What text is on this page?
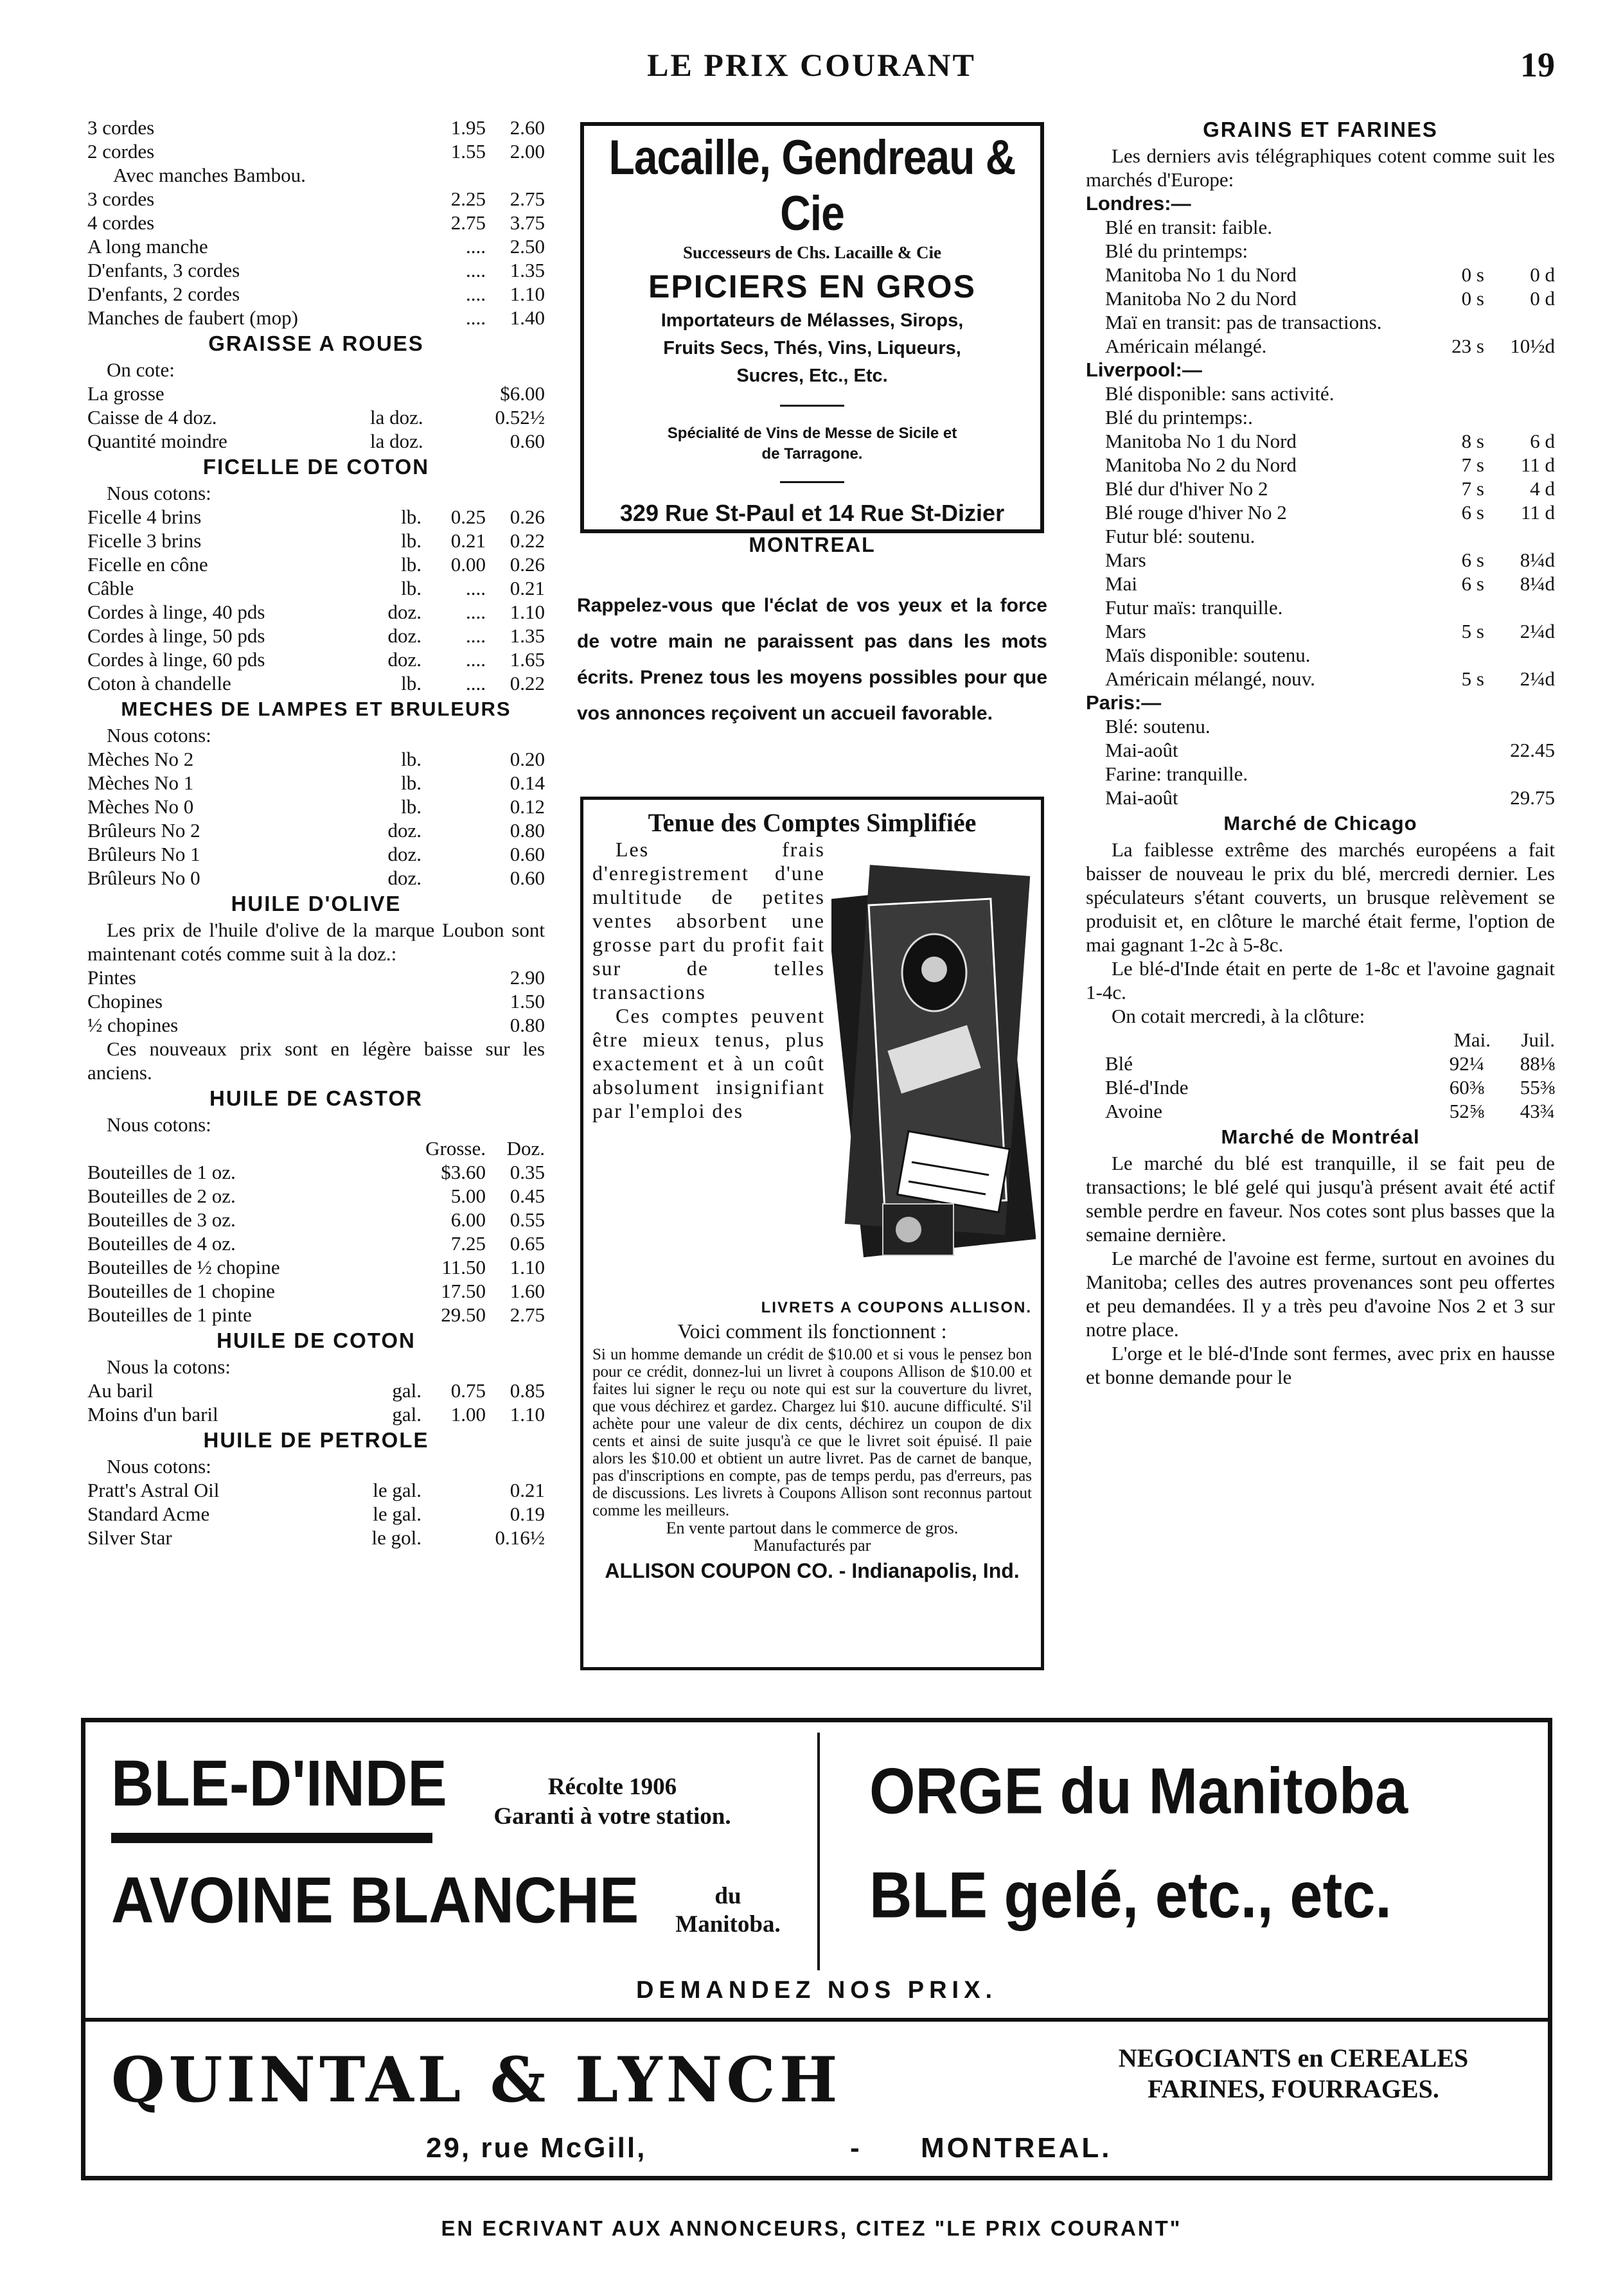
LE PRIX COURANT	19
3 cordes	1.95	2.60
2 cordes	1.55	2.00
Avec manches Bambou.
3 cordes	2.25	2.75
4 cordes	2.75	3.75
A long manche	....	2.50
D'enfants, 3 cordes	....	1.35
D'enfants, 2 cordes	....	1.10
Manches de faubert (mop)	....	1.40
GRAISSE A ROUES
On cote:
La grosse	$6.00
Caisse de 4 doz.	la doz.	0.52½
Quantité moindre	la doz.	0.60
FICELLE DE COTON
Nous cotons:
Ficelle 4 brins	lb.	0.25	0.26
Ficelle 3 brins	lb.	0.21	0.22
Ficelle en cône	lb.	0.00	0.26
Câble	lb.	....	0.21
Cordes à linge, 40 pds	doz.	....	1.10
Cordes à linge, 50 pds	doz.	....	1.35
Cordes à linge, 60 pds	doz.	....	1.65
Coton à chandelle	lb.	....	0.22
MECHES DE LAMPES ET BRULEURS
Nous cotons:
Mèches No 2	lb.	0.20
Mèches No 1	lb.	0.14
Mèches No 0	lb.	0.12
Brûleurs No 2	doz.	0.80
Brûleurs No 1	doz.	0.60
Brûleurs No 0	doz.	0.60
HUILE D'OLIVE
Les prix de l'huile d'olive de la marque Loubon sont maintenant cotés comme suit à la doz.:
Pintes	2.90
Chopines	1.50
½ chopines	0.80
Ces nouveaux prix sont en légère baisse sur les anciens.
HUILE DE CASTOR
Nous cotons:
Grosse.	Doz.
Bouteilles de 1 oz.	$3.60	0.35
Bouteilles de 2 oz.	5.00	0.45
Bouteilles de 3 oz.	6.00	0.55
Bouteilles de 4 oz.	7.25	0.65
Bouteilles de ½ chopine	11.50	1.10
Bouteilles de 1 chopine	17.50	1.60
Bouteilles de 1 pinte	29.50	2.75
HUILE DE COTON
Nous la cotons:
Au baril	gal.	0.75	0.85
Moins d'un baril	gal.	1.00	1.10
HUILE DE PETROLE
Nous cotons:
Pratt's Astral Oil	le gal.	0.21
Standard Acme	le gal.	0.19
Silver Star	le gol.	0.16½
Lacaille, Gendreau & Cie
Successeurs de Chs. Lacaille & Cie
EPICIERS EN GROS
Importateurs de Mélasses, Sirops,
Fruits Secs, Thés, Vins, Liqueurs,
Sucres, Etc., Etc.
Spécialité de Vins de Messe de Sicile et
de Tarragone.
329 Rue St-Paul et 14 Rue St-Dizier
MONTREAL
Rappelez-vous que l'éclat de vos yeux et la force de votre main ne paraissent pas dans les mots écrits. Prenez tous les moyens possibles pour que vos annonces reçoivent un accueil favorable.
Tenue des Comptes Simplifiée
Les frais d'enregistrement d'une multitude de petites ventes absorbent une grosse part du profit fait sur de telles transactions
Ces comptes peuvent être mieux tenus, plus exactement et à un coût absolument insignifiant par l'emploi des
LIVRETS A COUPONS ALLISON.
Voici comment ils fonctionnent :
Si un homme demande un crédit de $10.00 et si vous le pensez bon pour ce crédit, donnez-lui un livret à coupons Allison de $10.00 et faites lui signer le reçu ou note qui est sur la couverture du livret, que vous déchirez et gardez. Chargez lui $10. aucune difficulté. S'il achète pour une valeur de dix cents, déchirez un coupon de dix cents et ainsi de suite jusqu'à ce que le livret soit épuisé. Il paie alors les $10.00 et obtient un autre livret. Pas de carnet de banque, pas d'inscriptions en compte, pas de temps perdu, pas d'erreurs, pas de discussions. Les livrets à Coupons Allison sont reconnus partout comme les meilleurs.
En vente partout dans le commerce de gros.
Manufacturés par
ALLISON COUPON CO. - Indianapolis, Ind.
GRAINS ET FARINES
Les derniers avis télégraphiques cotent comme suit les marchés d'Europe:
Londres:—
Blé en transit: faible.
Blé du printemps:
Manitoba No 1 du Nord	0 s	0 d
Manitoba No 2 du Nord	0 s	0 d
Maï en transit: pas de transactions.
Américain mélangé.	23 s	10½d
Liverpool:—
Blé disponible: sans activité.
Blé du printemps:.
Manitoba No 1 du Nord	8 s	6 d
Manitoba No 2 du Nord	7 s	11 d
Blé dur d'hiver No 2	7 s	4 d
Blé rouge d'hiver No 2	6 s	11 d
Futur blé: soutenu.
Mars	6 s	8¼d
Mai	6 s	8¼d
Futur maïs: tranquille.
Mars	5 s	2¼d
Maïs disponible: soutenu.
Américain mélangé, nouv.	5 s	2¼d
Paris:—
Blé: soutenu.
Mai-août	22.45
Farine: tranquille.
Mai-août	29.75
Marché de Chicago
La faiblesse extrême des marchés européens a fait baisser de nouveau le prix du blé, mercredi dernier. Les spéculateurs s'étant couverts, un brusque relèvement se produisit et, en clôture le marché était ferme, l'option de mai gagnant 1-2c à 5-8c.
Le blé-d'Inde était en perte de 1-8c et l'avoine gagnait 1-4c.
On cotait mercredi, à la clôture:
Mai.	Juil.
Blé	92¼	88⅛
Blé-d'Inde	60⅜	55⅜
Avoine	52⅝	43¾
Marché de Montréal
Le marché du blé est tranquille, il se fait peu de transactions; le blé gelé qui jusqu'à présent avait été actif semble perdre en faveur. Nos cotes sont plus basses que la semaine dernière.
Le marché de l'avoine est ferme, surtout en avoines du Manitoba; celles des autres provenances sont peu offertes et peu demandées. Il y a très peu d'avoine Nos 2 et 3 sur notre place.
L'orge et le blé-d'Inde sont fermes, avec prix en hausse et bonne demande pour le
BLE-D'INDE	Récolte 1906
Garanti à votre station.
AVOINE BLANCHE	du
Manitoba.
ORGE du Manitoba
BLE gelé, etc., etc.
DEMANDEZ NOS PRIX.
QUINTAL & LYNCH	NEGOCIANTS en CEREALES
FARINES, FOURRAGES.
29, rue McGill,	- MONTREAL.
EN ECRIVANT AUX ANNONCEURS, CITEZ "LE PRIX COURANT"
